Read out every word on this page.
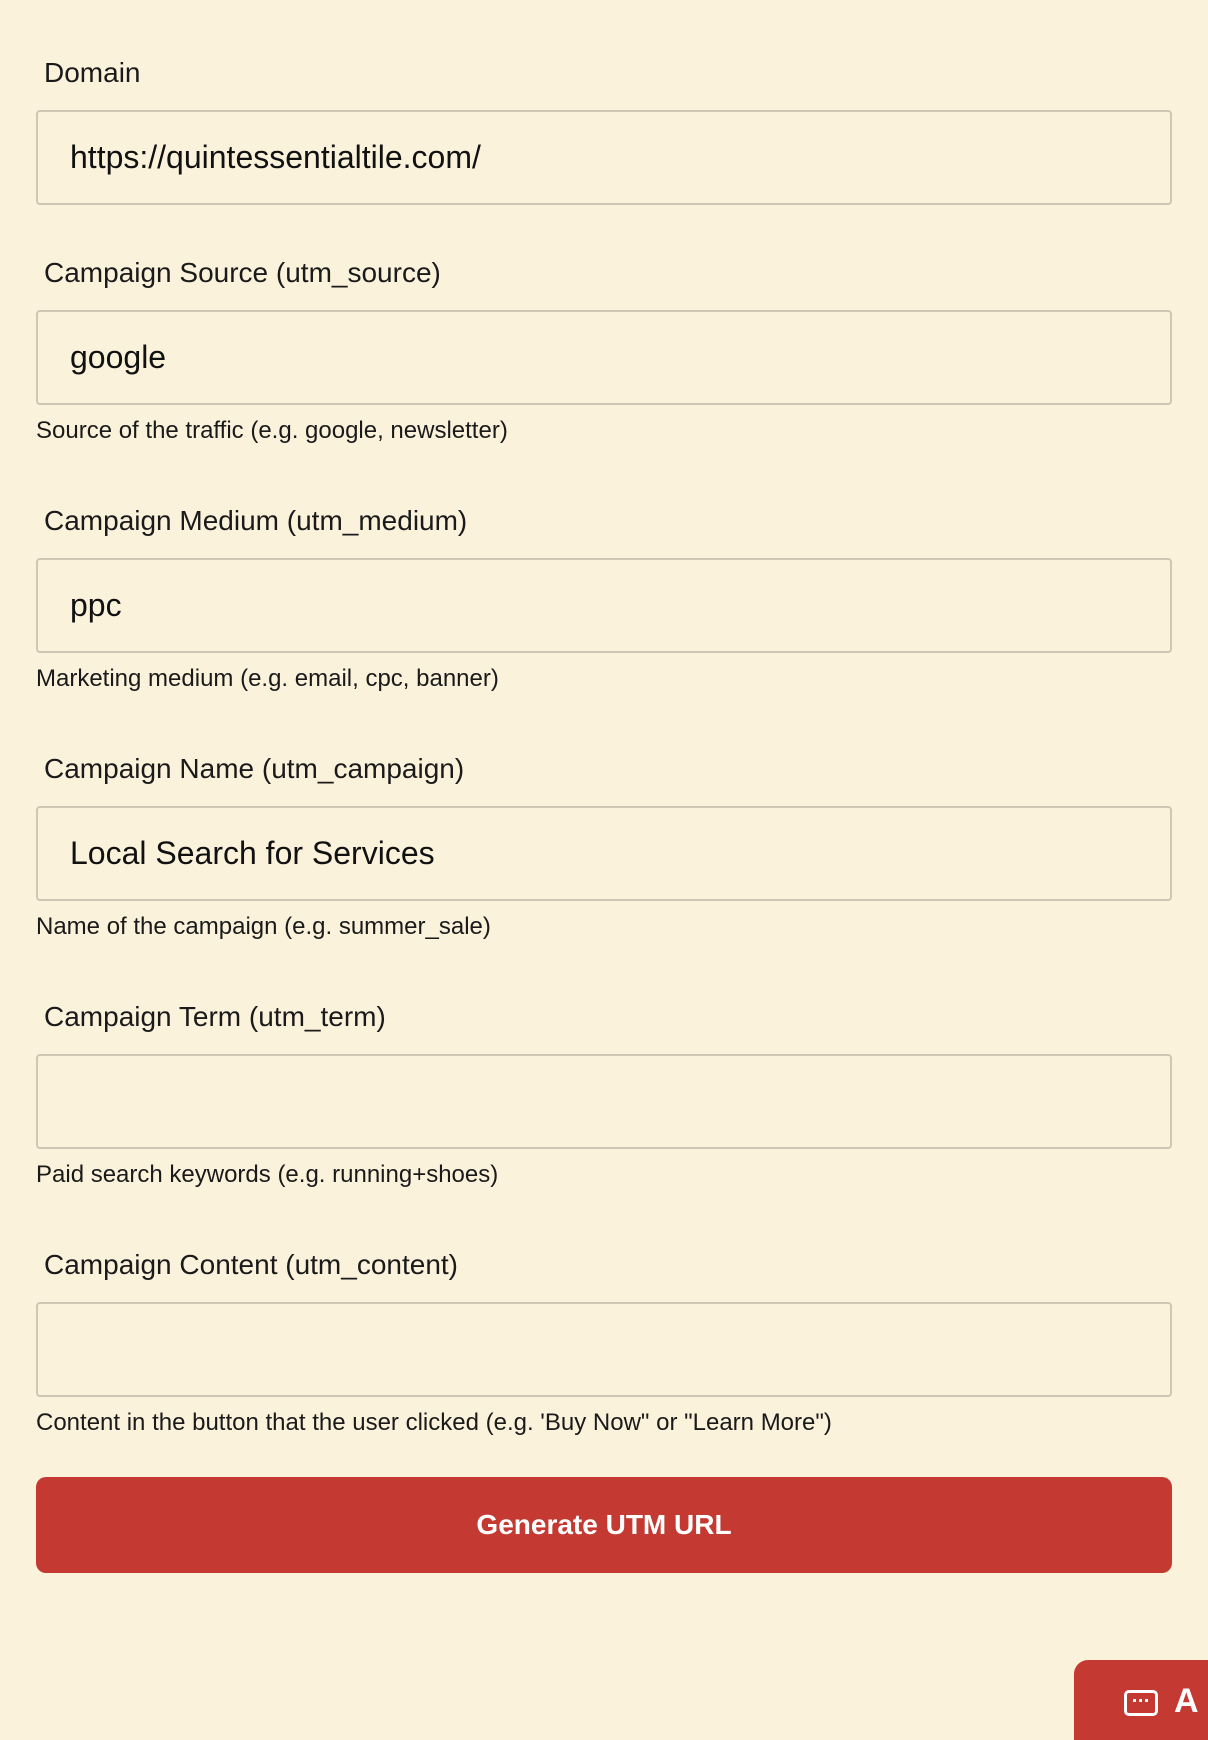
Domain
https://quintessentialtile.com/
Campaign Source (utm_source)
google
Source of the traffic (e.g. google, newsletter)
Campaign Medium (utm_medium)
ppc
Marketing medium (e.g. email, cpc, banner)
Campaign Name (utm_campaign)
Local Search for Services
Name of the campaign (e.g. summer_sale)
Campaign Term (utm_term)
Paid search keywords (e.g. running+shoes)
Campaign Content (utm_content)
Content in the button that the user clicked (e.g. 'Buy Now" or "Learn More")
Generate UTM URL
A
